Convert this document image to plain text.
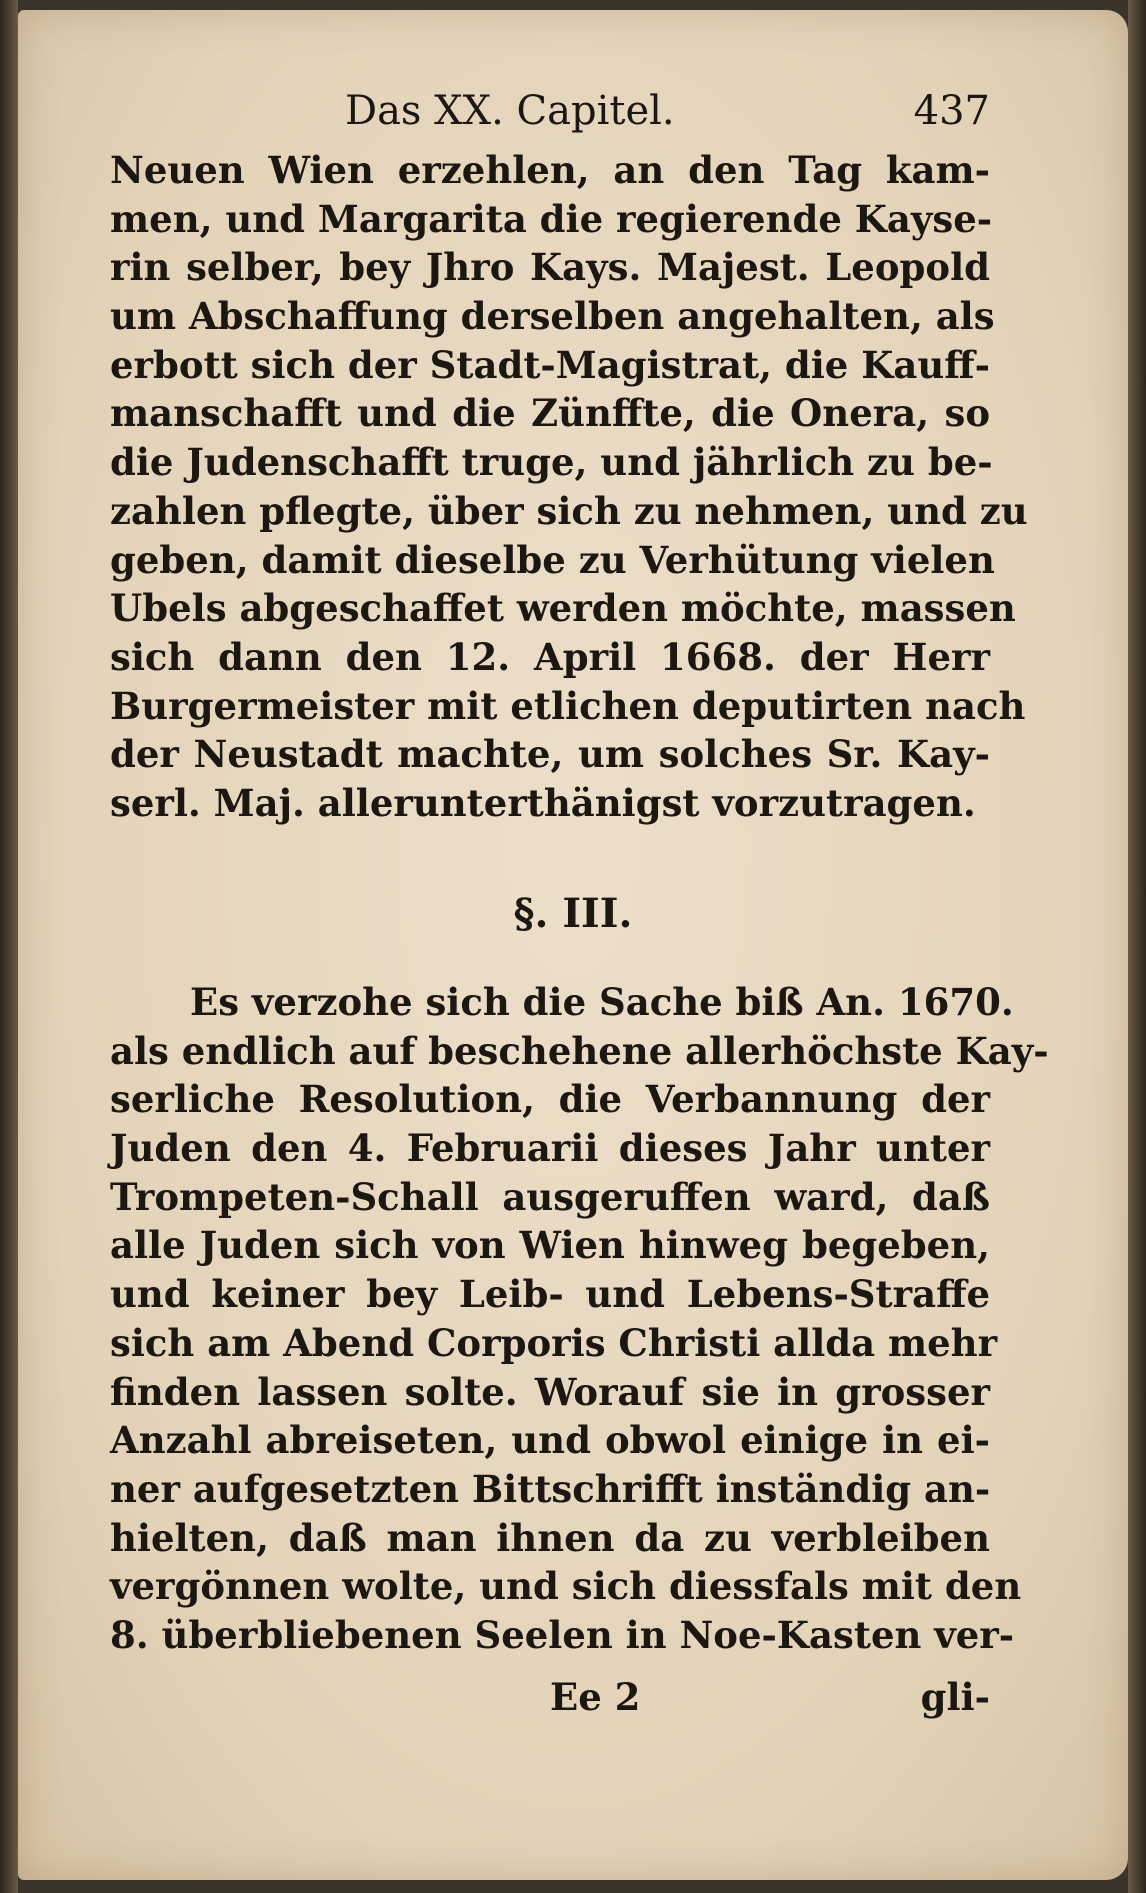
Das XX. Capitel.	437
Neuen Wien erzehlen, an den Tag kam-
men, und Margarita die regierende Kayse-
rin selber, bey Jhro Kays. Majest. Leopold
um Abschaffung derselben angehalten, als
erbott sich der Stadt-Magistrat, die Kauff-
manschafft und die Zünffte, die Onera, so
die Judenschafft truge, und jährlich zu be-
zahlen pflegte, über sich zu nehmen, und zu
geben, damit dieselbe zu Verhütung vielen
Ubels abgeschaffet werden möchte, massen
sich dann den 12. April 1668. der Herr
Burgermeister mit etlichen deputirten nach
der Neustadt machte, um solches Sr. Kay-
serl. Maj. allerunterthänigst vorzutragen.
§. III.
Es verzohe sich die Sache biß An. 1670.
als endlich auf beschehene allerhöchste Kay-
serliche Resolution, die Verbannung der
Juden den 4. Februarii dieses Jahr unter
Trompeten-Schall ausgeruffen ward, daß
alle Juden sich von Wien hinweg begeben,
und keiner bey Leib- und Lebens-Straffe
sich am Abend Corporis Christi allda mehr
finden lassen solte. Worauf sie in grosser
Anzahl abreiseten, und obwol einige in ei-
ner aufgesetzten Bittschrifft inständig an-
hielten, daß man ihnen da zu verbleiben
vergönnen wolte, und sich diessfals mit den
8. überbliebenen Seelen in Noe-Kasten ver-
Ee 2	gli-
